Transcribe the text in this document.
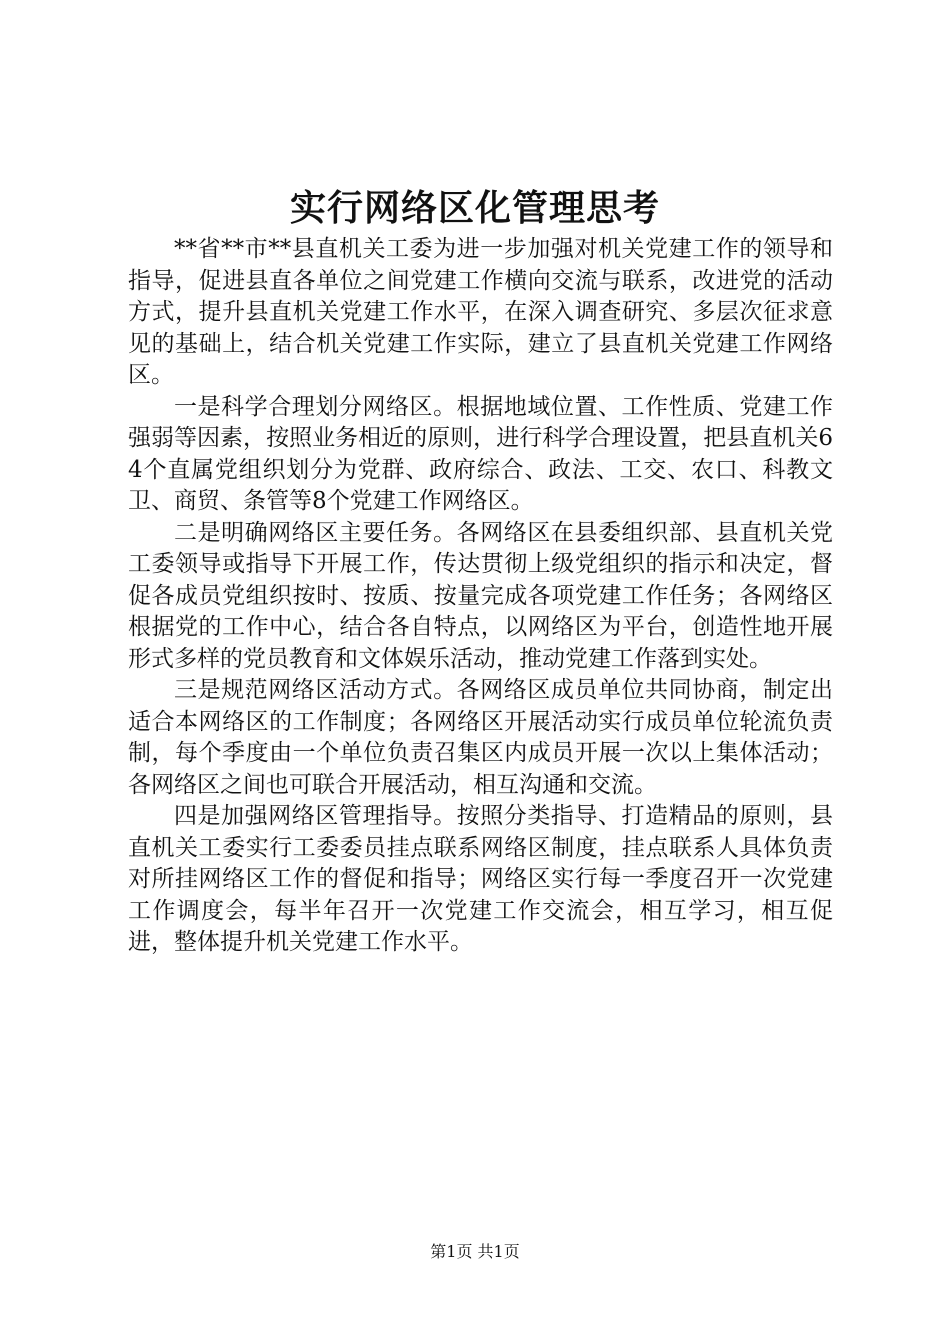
实行网络区化管理思考

**省**市**县直机关工委为进一步加强对机关党建工作的领导和指导，促进县直各单位之间党建工作横向交流与联系，改进党的活动方式，提升县直机关党建工作水平，在深入调查研究、多层次征求意见的基础上，结合机关党建工作实际，建立了县直机关党建工作网络区。

一是科学合理划分网络区。根据地域位置、工作性质、党建工作强弱等因素，按照业务相近的原则，进行科学合理设置，把县直机关64个直属党组织划分为党群、政府综合、政法、工交、农口、科教文卫、商贸、条管等8个党建工作网络区。

二是明确网络区主要任务。各网络区在县委组织部、县直机关党工委领导或指导下开展工作，传达贯彻上级党组织的指示和决定，督促各成员党组织按时、按质、按量完成各项党建工作任务；各网络区根据党的工作中心，结合各自特点，以网络区为平台，创造性地开展形式多样的党员教育和文体娱乐活动，推动党建工作落到实处。

三是规范网络区活动方式。各网络区成员单位共同协商，制定出适合本网络区的工作制度；各网络区开展活动实行成员单位轮流负责制，每个季度由一个单位负责召集区内成员开展一次以上集体活动；各网络区之间也可联合开展活动，相互沟通和交流。

四是加强网络区管理指导。按照分类指导、打造精品的原则，县直机关工委实行工委委员挂点联系网络区制度，挂点联系人具体负责对所挂网络区工作的督促和指导；网络区实行每一季度召开一次党建工作调度会，每半年召开一次党建工作交流会，相互学习，相互促进，整体提升机关党建工作水平。

第1页 共1页
